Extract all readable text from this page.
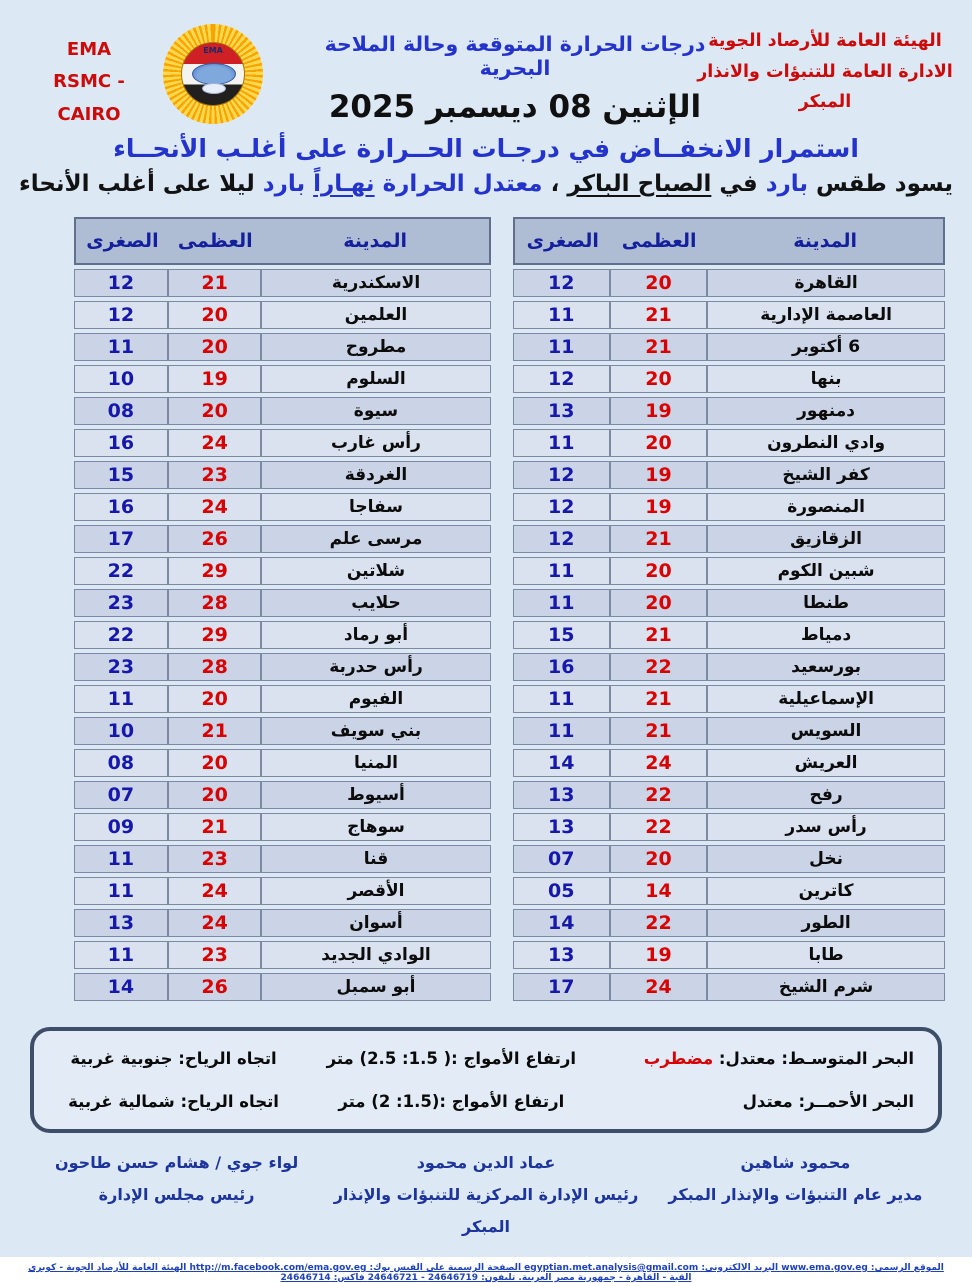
الهيئة العامة للأرصاد الجوية
الادارة العامة للتنبؤات والانذار المبكر
درجات الحرارة المتوقعة وحالة الملاحة البحرية
الإثنين 08 ديسمبر 2025
EMA
EMA
RSMC - CAIRO
استمرار الانخفــاض في درجـات الحــرارة على أغلـب الأنحــاء
يسود طقس بارد في الصباح الباكر ، معتدل الحرارة نهـاراً بارد ليلا على أغلب الأنحاء
المدينة
العظمى
الصغرى
القاهرة
20
12
العاصمة الإدارية
21
11
6 أكتوبر
21
11
بنها
20
12
دمنهور
19
13
وادي النطرون
20
11
كفر الشيخ
19
12
المنصورة
19
12
الزقازيق
21
12
شبين الكوم
20
11
طنطا
20
11
دمياط
21
15
بورسعيد
22
16
الإسماعيلية
21
11
السويس
21
11
العريش
24
14
رفح
22
13
رأس سدر
22
13
نخل
20
07
كاترين
14
05
الطور
22
14
طابا
19
13
شرم الشيخ
24
17
المدينة
العظمى
الصغرى
الاسكندرية
21
12
العلمين
20
12
مطروح
20
11
السلوم
19
10
سيوة
20
08
رأس غارب
24
16
الغردقة
23
15
سفاجا
24
16
مرسى علم
26
17
شلاتين
29
22
حلايب
28
23
أبو رماد
29
22
رأس حدربة
28
23
الفيوم
20
11
بني سويف
21
10
المنيا
20
08
أسيوط
20
07
سوهاج
21
09
قنا
23
11
الأقصر
24
11
أسوان
24
13
الوادي الجديد
23
11
أبو سمبل
26
14
البحر المتوسـط: معتدل: مضطرب
ارتفاع الأمواج :( 1.5: 2.5) متر
اتجاه الرياح: جنوبية غربية
البحر الأحمــر: معتدل
ارتفاع الأمواج :(1.5: 2) متر
اتجاه الرياح: شمالية غربية
محمود شاهين
مدير عام التنبؤات والإنذار المبكر
عماد الدين محمود
رئيس الإدارة المركزية للتنبؤات والإنذار المبكر
لواء جوي / هشام حسن طاحون
رئيس مجلس الإدارة
الموقع الرسمي: www.ema.gov.eg البريد الالكتروني: egyptian.met.analysis@gmail.com الصفحة الرسمية على الفيس بوك: http://m.facebook.com/ema.gov.eg الهيئة العامة للأرصاد الجوية - كوبري القبة - القاهرة - جمهورية مصر العربية. تليفون: 24646719 - 24646721 فاكس: 24646714
